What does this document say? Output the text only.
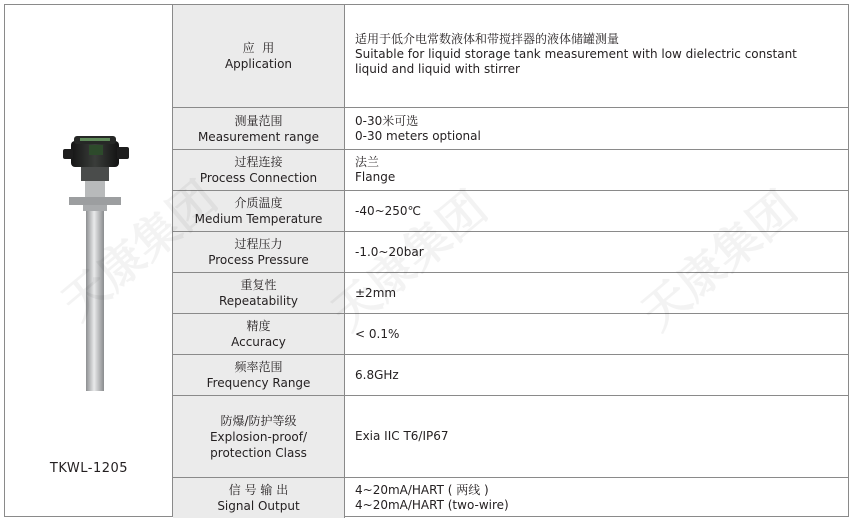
TKWL-1205
应  用
Application
适用于低介电常数液体和带搅拌器的液体储罐测量
Suitable for liquid storage tank measurement with low dielectric constant
liquid and liquid with stirrer
测量范围
Measurement range
0-30米可选
0-30 meters optional
过程连接
Process Connection
法兰
Flange
介质温度
Medium Temperature
-40~250℃
过程压力
Process Pressure
-1.0~20bar
重复性
Repeatability
±2mm
精度
Accuracy
< 0.1%
频率范围
Frequency Range
6.8GHz
防爆/防护等级
Explosion-proof/ protection Class
Exia IIC T6/IP67
信 号 输 出
Signal Output
4~20mA/HART ( 两线 )
4~20mA/HART (two-wire)
